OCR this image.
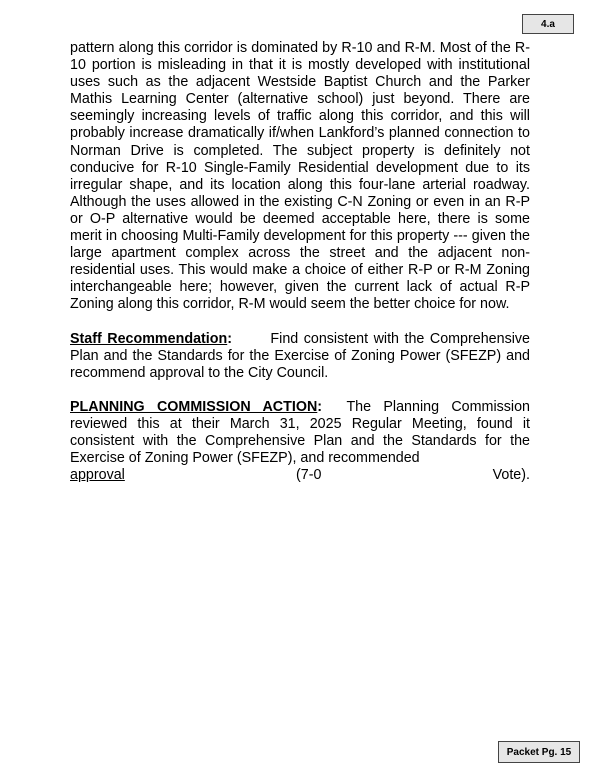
4.a

pattern along this corridor is dominated by R-10 and R-M. Most of the R-10 portion is misleading in that it is mostly developed with institutional uses such as the adjacent Westside Baptist Church and the Parker Mathis Learning Center (alternative school) just beyond. There are seemingly increasing levels of traffic along this corridor, and this will probably increase dramatically if/when Lankford’s planned connection to Norman Drive is completed. The subject property is definitely not conducive for R-10 Single-Family Residential development due to its irregular shape, and its location along this four-lane arterial roadway. Although the uses allowed in the existing C-N Zoning or even in an R-P or O-P alternative would be deemed acceptable here, there is some merit in choosing Multi-Family development for this property --- given the large apartment complex across the street and the adjacent non-residential uses. This would make a choice of either R-P or R-M Zoning interchangeable here; however, given the current lack of actual R-P Zoning along this corridor, R-M would seem the better choice for now.

Staff Recommendation:	Find consistent with the Comprehensive Plan and the Standards for the Exercise of Zoning Power (SFEZP) and recommend approval to the City Council.

PLANNING COMMISSION ACTION: The Planning Commission reviewed this at their March 31, 2025 Regular Meeting, found it consistent with the Comprehensive Plan and the Standards for the Exercise of Zoning Power (SFEZP), and recommended

approval	(7-0	Vote).
Packet Pg. 15
